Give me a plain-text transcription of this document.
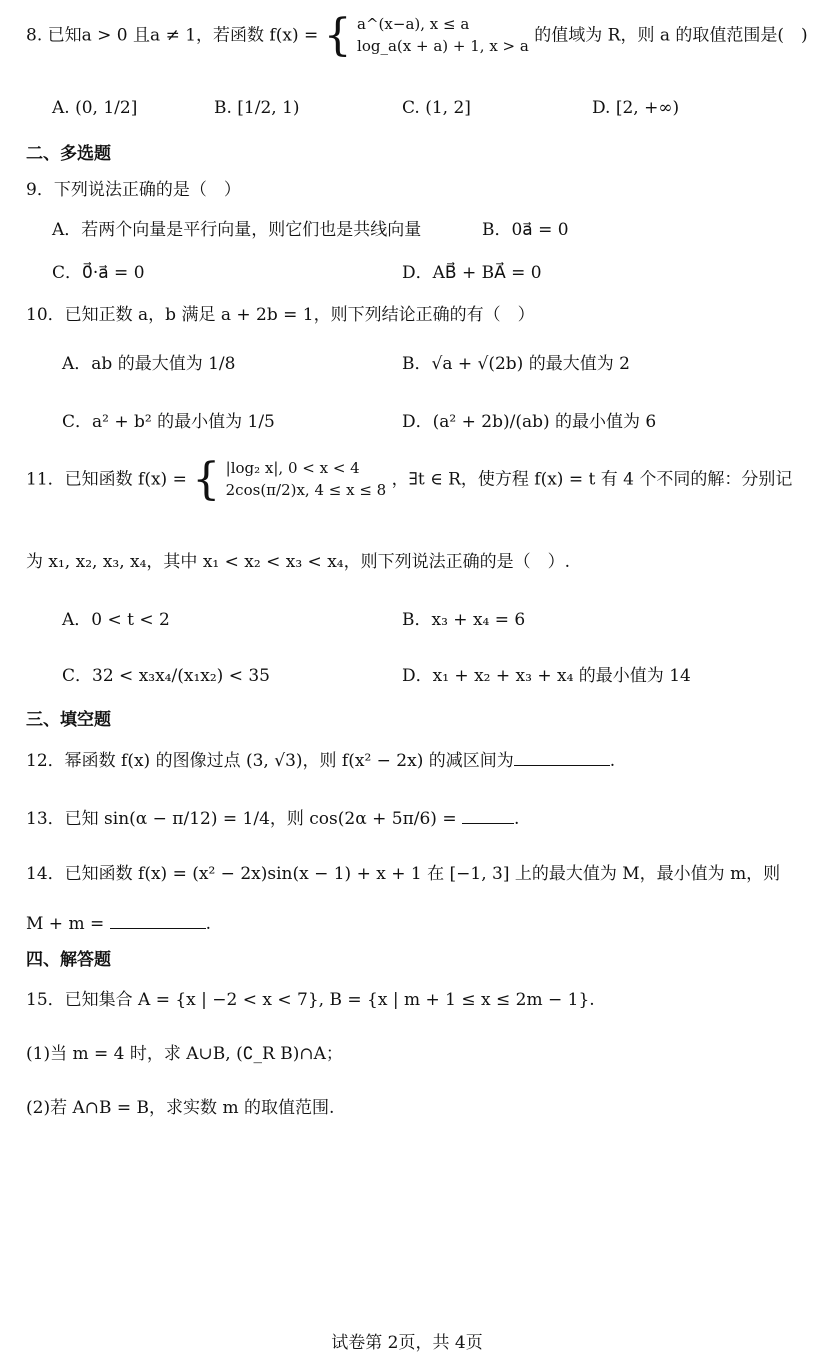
8. 已知a > 0 且a ≠ 1，若函数 f(x) = { a^(x−a), x ≤ a
log_a(x + a) + 1, x > a 的值域为 R，则 a 的取值范围是(　)
A. (0, 1/2]	B. [1/2, 1)	C. (1, 2]	D. [2, +∞)
二、多选题
9．下列说法正确的是（　）
A．若两个向量是平行向量，则它们也是共线向量	B．0a⃗ = 0
C．0⃗·a⃗ = 0	D．AB⃗ + BA⃗ = 0
10．已知正数 a，b 满足 a + 2b = 1，则下列结论正确的有（　）
A．ab 的最大值为 1/8	B．√a + √(2b) 的最大值为 2
C．a² + b² 的最小值为 1/5	D．(a² + 2b)/(ab) 的最小值为 6
11．已知函数 f(x) = { |log₂ x|, 0 < x < 4
2cos(π/2)x, 4 ≤ x ≤ 8 ，∃t ∈ R，使方程 f(x) = t 有 4 个不同的解：分别记
为 x₁, x₂, x₃, x₄，其中 x₁ < x₂ < x₃ < x₄，则下列说法正确的是（　）.
A．0 < t < 2	B．x₃ + x₄ = 6
C．32 < x₃x₄/(x₁x₂) < 35	D．x₁ + x₂ + x₃ + x₄ 的最小值为 14
三、填空题
12．幂函数 f(x) 的图像过点 (3, √3)，则 f(x² − 2x) 的减区间为	.
13．已知 sin(α − π/12) = 1/4，则 cos(2α + 5π/6) =	.
14．已知函数 f(x) = (x² − 2x)sin(x − 1) + x + 1 在 [−1, 3] 上的最大值为 M，最小值为 m，则
M + m =	.
四、解答题
15．已知集合 A = {x | −2 < x < 7}, B = {x | m + 1 ≤ x ≤ 2m − 1}.
(1)当 m = 4 时，求 A∪B, (∁_R B)∩A；
(2)若 A∩B = B，求实数 m 的取值范围.
试卷第 2页，共 4页
